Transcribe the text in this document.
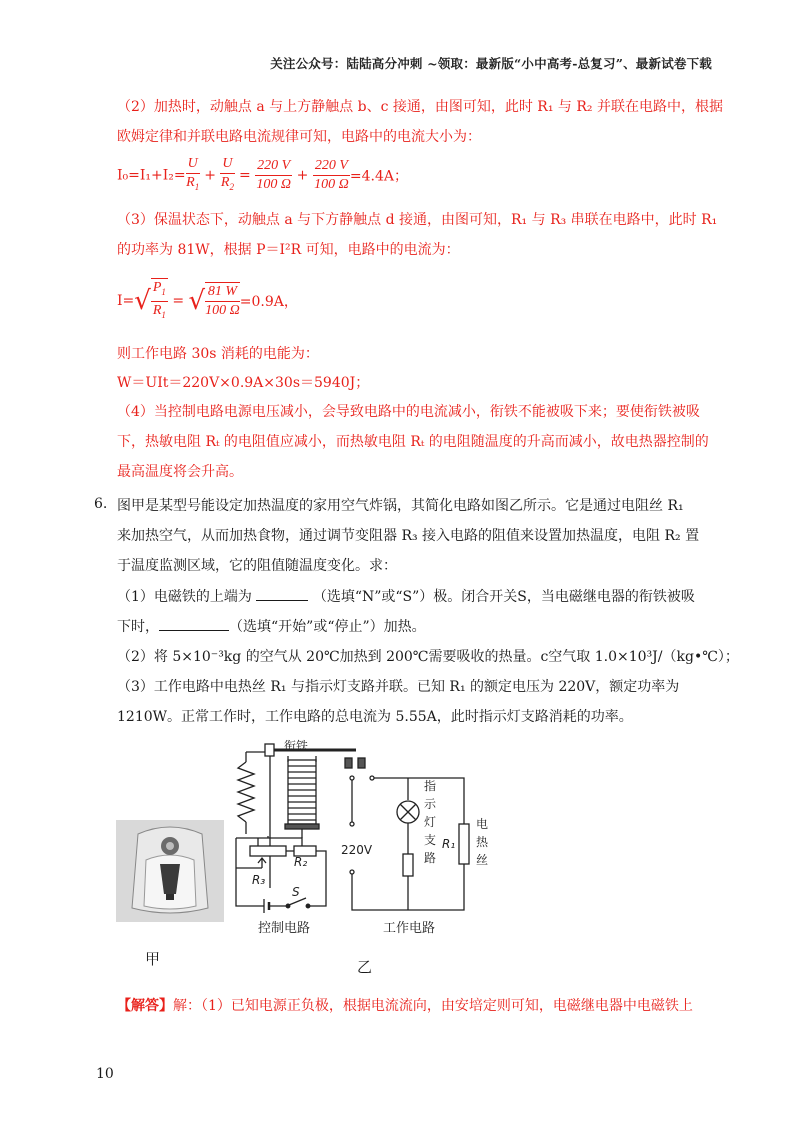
关注公众号：陆陆高分冲刺 ~领取：最新版“小中高考-总复习”、最新试卷下载
（2）加热时，动触点 a 与上方静触点 b、c 接通，由图可知，此时 R₁ 与 R₂ 并联在电路中，根据
欧姆定律和并联电路电流规律可知，电路中的电流大小为：
$I_0=I_1+I_2= \frac{U}{R_1} + \frac{U}{R_2} = \frac{220 V}{100 \Omega} + \frac{220 V}{100 \Omega} =4.4A$；
（3）保温状态下，动触点 a 与下方静触点 d 接通，由图可知，R₁ 与 R₃ 串联在电路中，此时 R₁
的功率为 81W，根据 P＝I²R 可知，电路中的电流为：
$I=√ \frac{P_1}{R_1}$ = √ $\frac{81 W}{100 \Omega} =0.9A$，
则工作电路 30s 消耗的电能为：
W＝UIt＝220V×0.9A×30s＝5940J；
（4）当控制电路电源电压减小，会导致电路中的电流减小，衔铁不能被吸下来；要使衔铁被吸
下，热敏电阻 Rₜ 的电阻值应减小，而热敏电阻 Rₜ 的电阻随温度的升高而减小，故电热器控制的
最高温度将会升高。
6. 图甲是某型号能设定加热温度的家用空气炸锅，其简化电路如图乙所示。它是通过电阻丝 R₁
来加热空气，从而加热食物，通过调节变阻器 R₃ 接入电路的阻值来设置加热温度，电阻 R₂ 置
于温度监测区域，它的阻值随温度变化。求：
（1）电磁铁的上端为	（选填“N”或“S”）极。闭合开关S，当电磁继电器的衔铁被吸
下时，	（选填“开始”或“停止”）加热。
（2）将 5×10⁻³kg 的空气从 20℃加热到 200℃需要吸收的热量。c空气取 1.0×10³J/（kg•℃）；
（3）工作电路中电热丝 R₁ 与指示灯支路并联。已知 R₁ 的额定电压为 220V，额定功率为
1210W。正常工作时，工作电路的总电流为 5.55A，此时指示灯支路消耗的功率。
甲
衔铁
R₂
R₃
S
控制电路
220V
工作电路
R₁
指示灯支路
电热丝
乙
【解答】解：（1）已知电源正负极，根据电流流向，由安培定则可知，电磁继电器中电磁铁上
10
